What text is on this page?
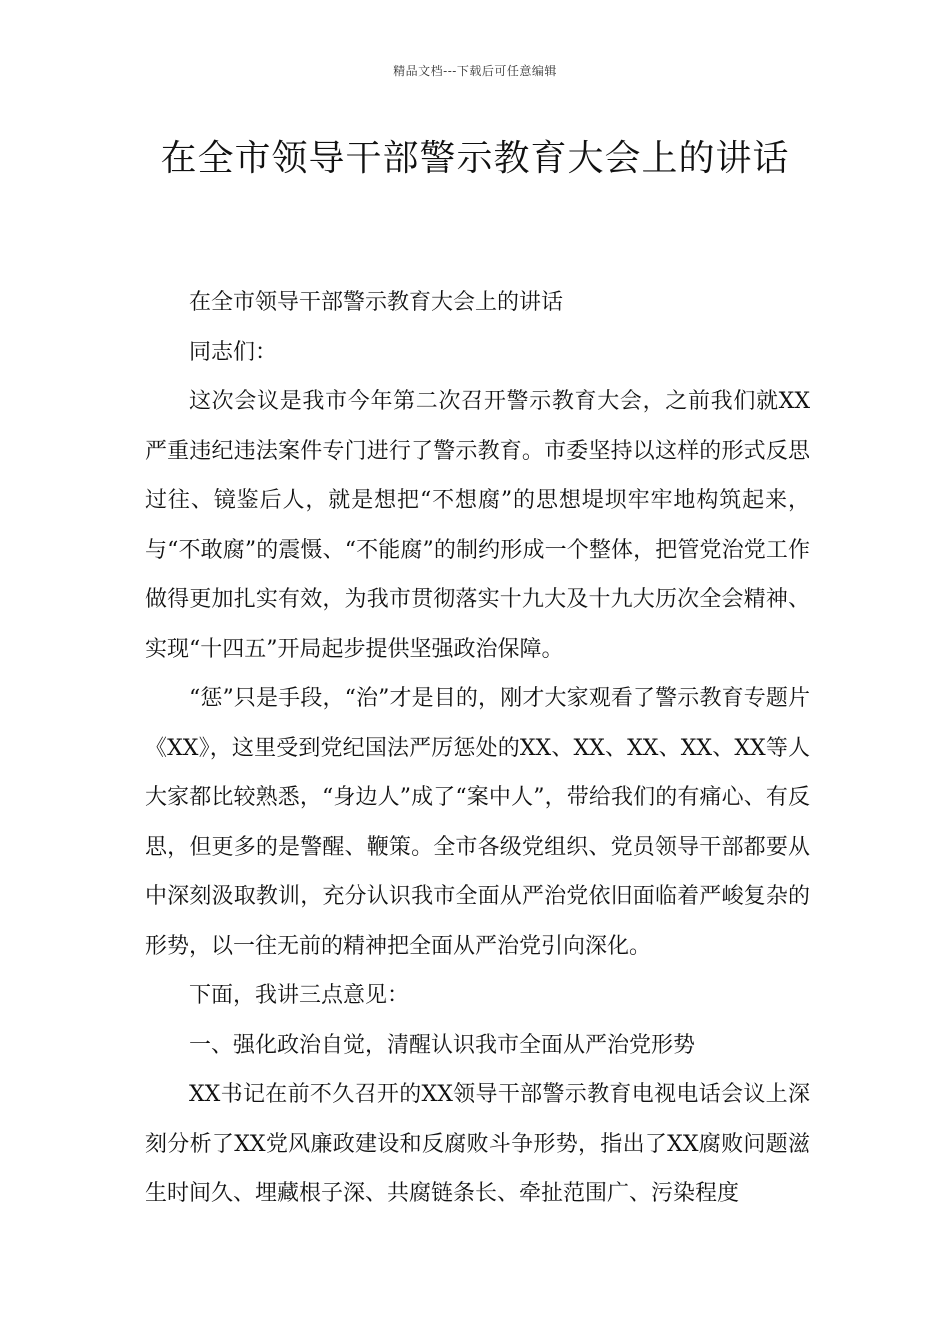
精品文档---下载后可任意编辑
在全市领导干部警示教育大会上的讲话

在全市领导干部警示教育大会上的讲话

同志们：

这次会议是我市今年第二次召开警示教育大会，之前我们就XX严重违纪违法案件专门进行了警示教育。市委坚持以这样的形式反思过往、镜鉴后人，就是想把“不想腐”的思想堤坝牢牢地构筑起来，与“不敢腐”的震慑、“不能腐”的制约形成一个整体，把管党治党工作做得更加扎实有效，为我市贯彻落实十九大及十九大历次全会精神、实现“十四五”开局起步提供坚强政治保障。

“惩”只是手段，“治”才是目的，刚才大家观看了警示教育专题片《XX》，这里受到党纪国法严厉惩处的XX、XX、XX、XX、XX等人大家都比较熟悉，“身边人”成了“案中人”，带给我们的有痛心、有反思，但更多的是警醒、鞭策。全市各级党组织、党员领导干部都要从中深刻汲取教训，充分认识我市全面从严治党依旧面临着严峻复杂的形势，以一往无前的精神把全面从严治党引向深化。

下面，我讲三点意见：

一、强化政治自觉，清醒认识我市全面从严治党形势

XX书记在前不久召开的XX领导干部警示教育电视电话会议上深刻分析了XX党风廉政建设和反腐败斗争形势，指出了XX腐败问题滋生时间久、埋藏根子深、共腐链条长、牵扯范围广、污染程度
